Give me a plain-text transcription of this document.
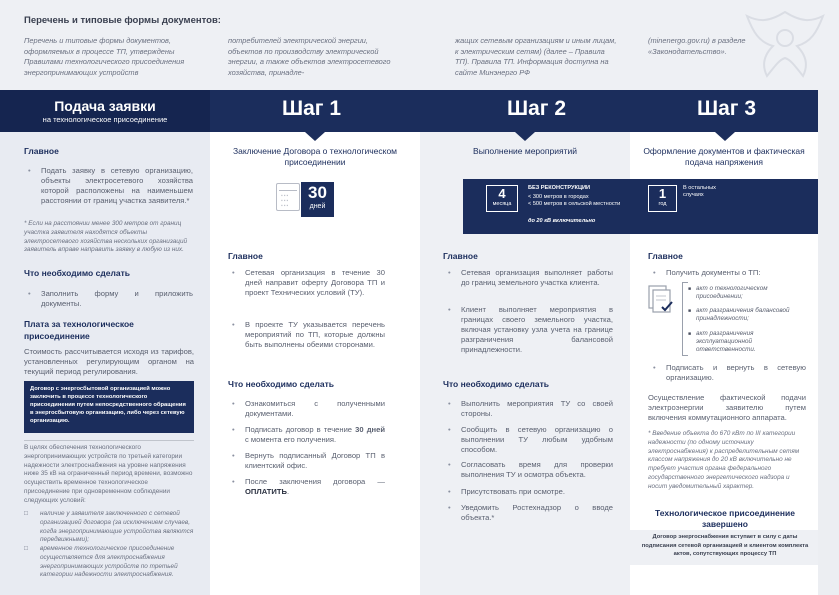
Перечень и типовые формы документов:
Перечень и типовые формы документов, оформляемых в процессе ТП, утверждены Правилами технологического присоединения энергопринимающих устройств
потребителей электрической энергии, объектов по производству электрической энергии, а также объектов электросетевого хозяйства, принадле-
жащих сетевым организациям и иным лицам, к электрическим сетям) (далее – Правила ТП). Правила ТП. Информация доступна на сайте Минэнерго РФ
(minenergo.gov.ru) в разделе «Законодательство».
Подача заявки
на технологическое присоединение	Шаг 1	Шаг 2	Шаг 3
Главное
• Подать заявку в сетевую организацию, объекты электросетевого хозяйства которой расположены на наименьшем расстоянии от границ участка заявителя.*
* Если на расстоянии менее 300 метров от границ участка заявителя находятся объекты электросетевого хозяйства нескольких организаций заявитель вправе направить заявку в любую из них.
Что необходимо сделать
• Заполнить форму и приложить документы.
Плата за технологическое присоединение
Стоимость рассчитывается исходя из тарифов, установленных регулирующим органом на текущий период регулирования.
Договор с энергосбытовой организацией можно заключить в процессе технологического присоединения путем непосредственного обращения в энергосбытовую организацию, либо через сетевую организацию.
В целях обеспечения технологического энергопринимающих устройств по третьей категории надежности электроснабжения на уровне напряжения ниже 35 кВ на ограниченный период времени, возможно осуществить временное технологическое присоединение при одновременном соблюдении следующих условий:
наличие у заявителя заключенного с сетевой организацией договора (за исключением случаев, когда энергопринимающие устройства являются передвижными);
временное технологическое присоединение осуществляется для электроснабжения энергопринимающих устройств по третьей категории надежности электроснабжения.
□
□
Заключение Договора о технологическом присоединении
▪▪▪
▪▪▪
▪▪▪
30
дней
Главное
• Сетевая организация в течение 30 дней направит оферту Договора ТП и проект Технических условий (ТУ).
• В проекте ТУ указывается перечень мероприятий по ТП, которые должны быть выполнены обеими сторонами.
Что необходимо сделать
• Ознакомиться с полученными документами.
• Подписать договор в течение 30 дней с момента его получения.
• Вернуть подписанный Договор ТП в клиентский офис.
• После заключения договора — ОПЛАТИТЬ.
Выполнение мероприятий
4
месяца
БЕЗ РЕКОНСТРУКЦИИ
< 300 метров в городах
< 500 метров в сельской местности
до 20 кВ включительно
Главное
• Сетевая организация выполняет работы до границ земельного участка клиента.
• Клиент выполняет мероприятия в границах своего земельного участка, включая установку узла учета на границе разграничения балансовой принадлежности.
Что необходимо сделать
• Выполнить мероприятия ТУ со своей стороны.
• Сообщить в сетевую организацию о выполнении ТУ любым удобным способом.
• Согласовать время для проверки выполнения ТУ и осмотра объекта.
• Присутствовать при осмотре.
• Уведомить Ростехнадзор о вводе объекта.*
Оформление документов и фактическая подача напряжения
1
год
В остальных случаях
Главное
• Получить документы о ТП:
■ акт о технологическом присоединении;
■ акт разграничения балансовой принадлежности;
■ акт разграничения эксплуатационной ответственности.
• Подписать и вернуть в сетевую организацию.
Осуществление фактической подачи электроэнергии заявителю путем включения коммутационного аппарата.
* Введение объекта до 670 кВт по III категории надежности (по одному источнику электроснабжения) к распределительным сетям классом напряжения до 20 кВ включительно не требует участия органа федерального государственного энергетического надзора и носит уведомительный характер.
Технологическое присоединение завершено
Договор энергоснабжения вступает в силу с даты подписания сетевой организацией и клиентом комплекта актов, сопутствующих процессу ТП
